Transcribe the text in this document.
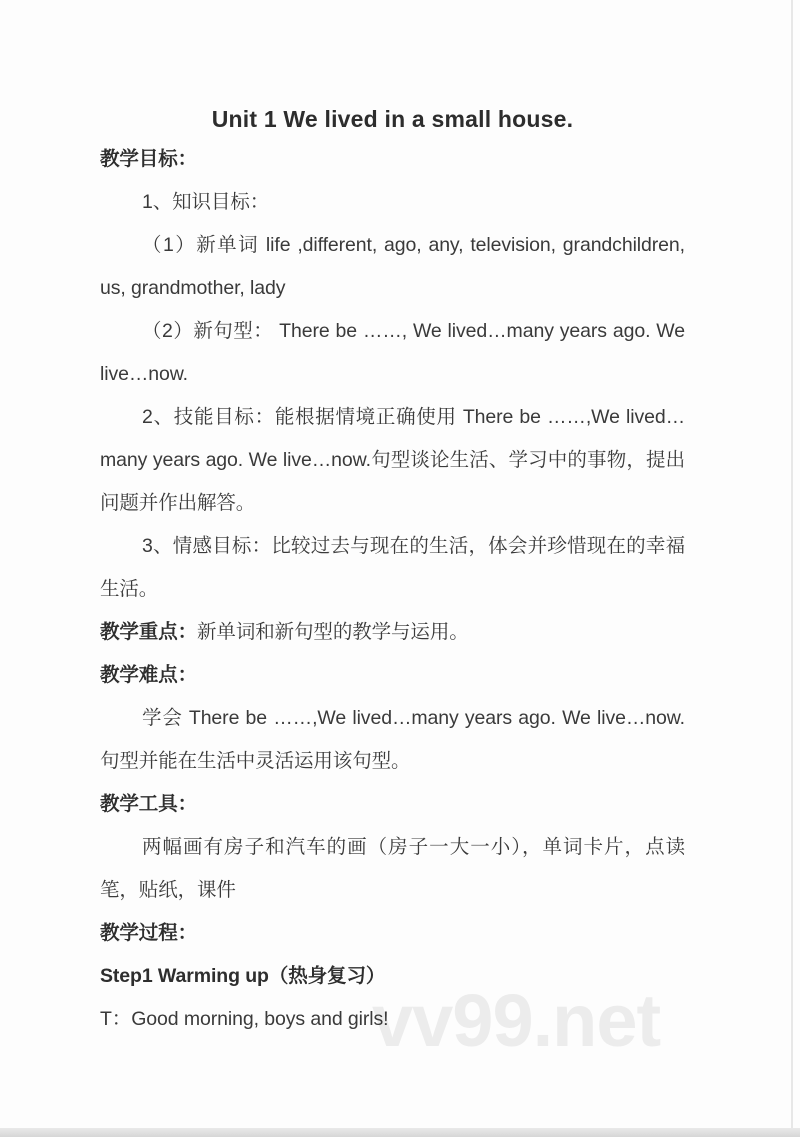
vv99.net
Unit 1 We lived in a small house.

教学目标：

1、知识目标：

（1）新单词 life ,different, ago, any, television, grandchildren, us, grandmother, lady

（2）新句型： There be ……, We lived…many years ago. We live…now.

2、技能目标：能根据情境正确使用 There be ……,We lived…many years ago. We live…now.句型谈论生活、学习中的事物，提出问题并作出解答。

3、情感目标：比较过去与现在的生活，体会并珍惜现在的幸福生活。

教学重点：新单词和新句型的教学与运用。

教学难点：

学会 There be ……,We lived…many years ago. We live…now.句型并能在生活中灵活运用该句型。

教学工具：

两幅画有房子和汽车的画（房子一大一小），单词卡片，点读笔，贴纸，课件

教学过程：

Step1 Warming up（热身复习）

T：Good morning, boys and girls!
